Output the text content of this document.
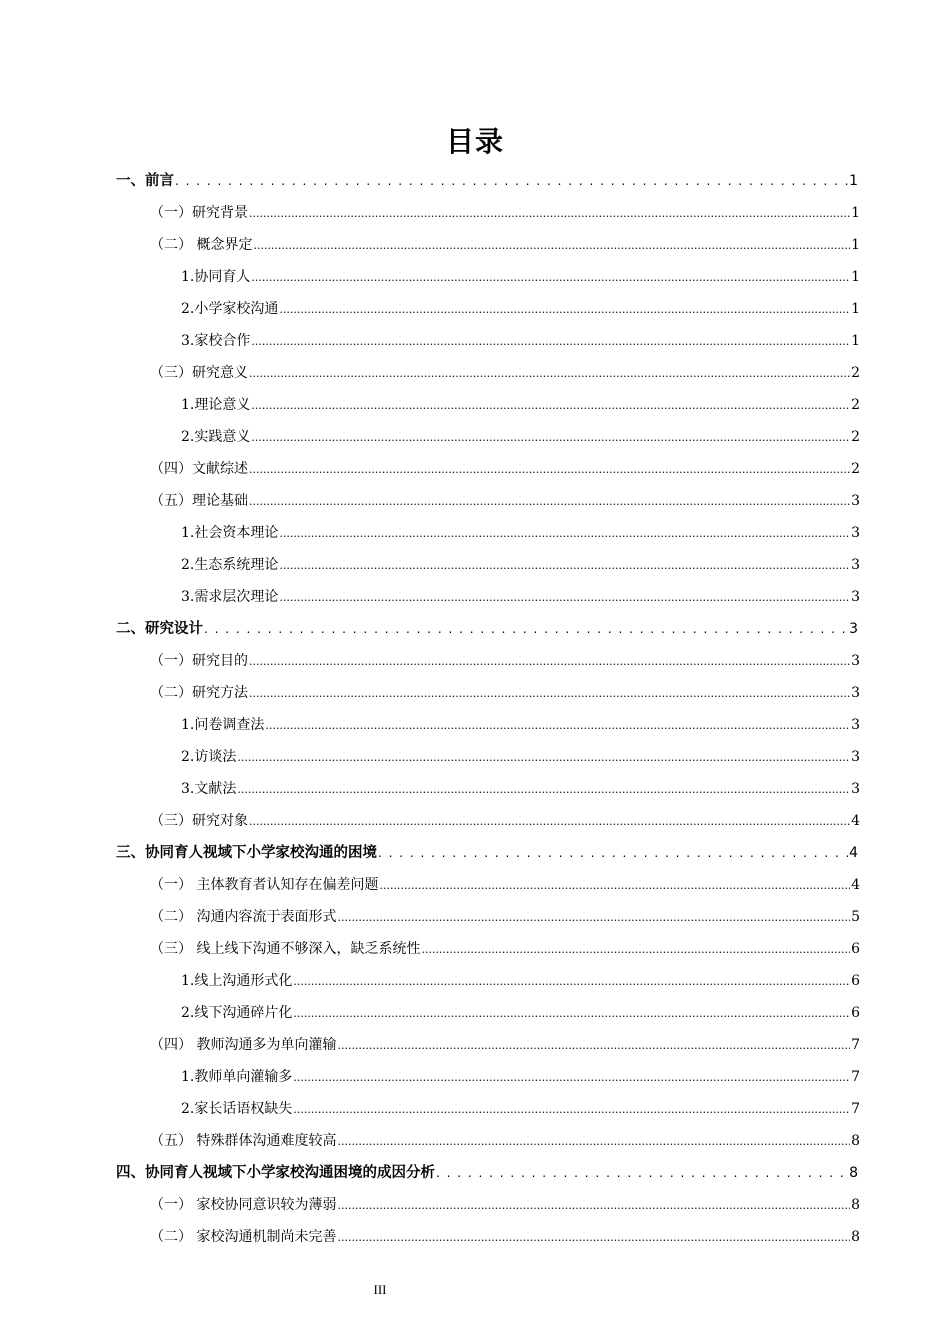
目录
一、前言 . . .	1
（一）研究背景 .....	1
（二） 概念界定 .....	1
1.协同育人 .....	1
2.小学家校沟通 .....	1
3.家校合作 .....	1
（三）研究意义 .....	2
1.理论意义 .....	2
2.实践意义 .....	2
（四）文献综述 .....	2
（五）理论基础 .....	3
1.社会资本理论 .....	3
2.生态系统理论 .....	3
3.需求层次理论 .....	3
二、研究设计 . . .	3
（一）研究目的 .....	3
（二）研究方法 .....	3
1.问卷调查法 .....	3
2.访谈法 .....	3
3.文献法 .....	3
（三）研究对象 .....	4
三、协同育人视域下小学家校沟通的困境 . . .	4
（一） 主体教育者认知存在偏差问题 .....	4
（二） 沟通内容流于表面形式 .....	5
（三） 线上线下沟通不够深入，缺乏系统性 .....	6
1.线上沟通形式化 .....	6
2.线下沟通碎片化 .....	6
（四） 教师沟通多为单向灌输 .....	7
1.教师单向灌输多 .....	7
2.家长话语权缺失 .....	7
（五） 特殊群体沟通难度较高 .....	8
四、协同育人视域下小学家校沟通困境的成因分析 . . .	8
（一） 家校协同意识较为薄弱 .....	8
（二） 家校沟通机制尚未完善 .....	8
III
